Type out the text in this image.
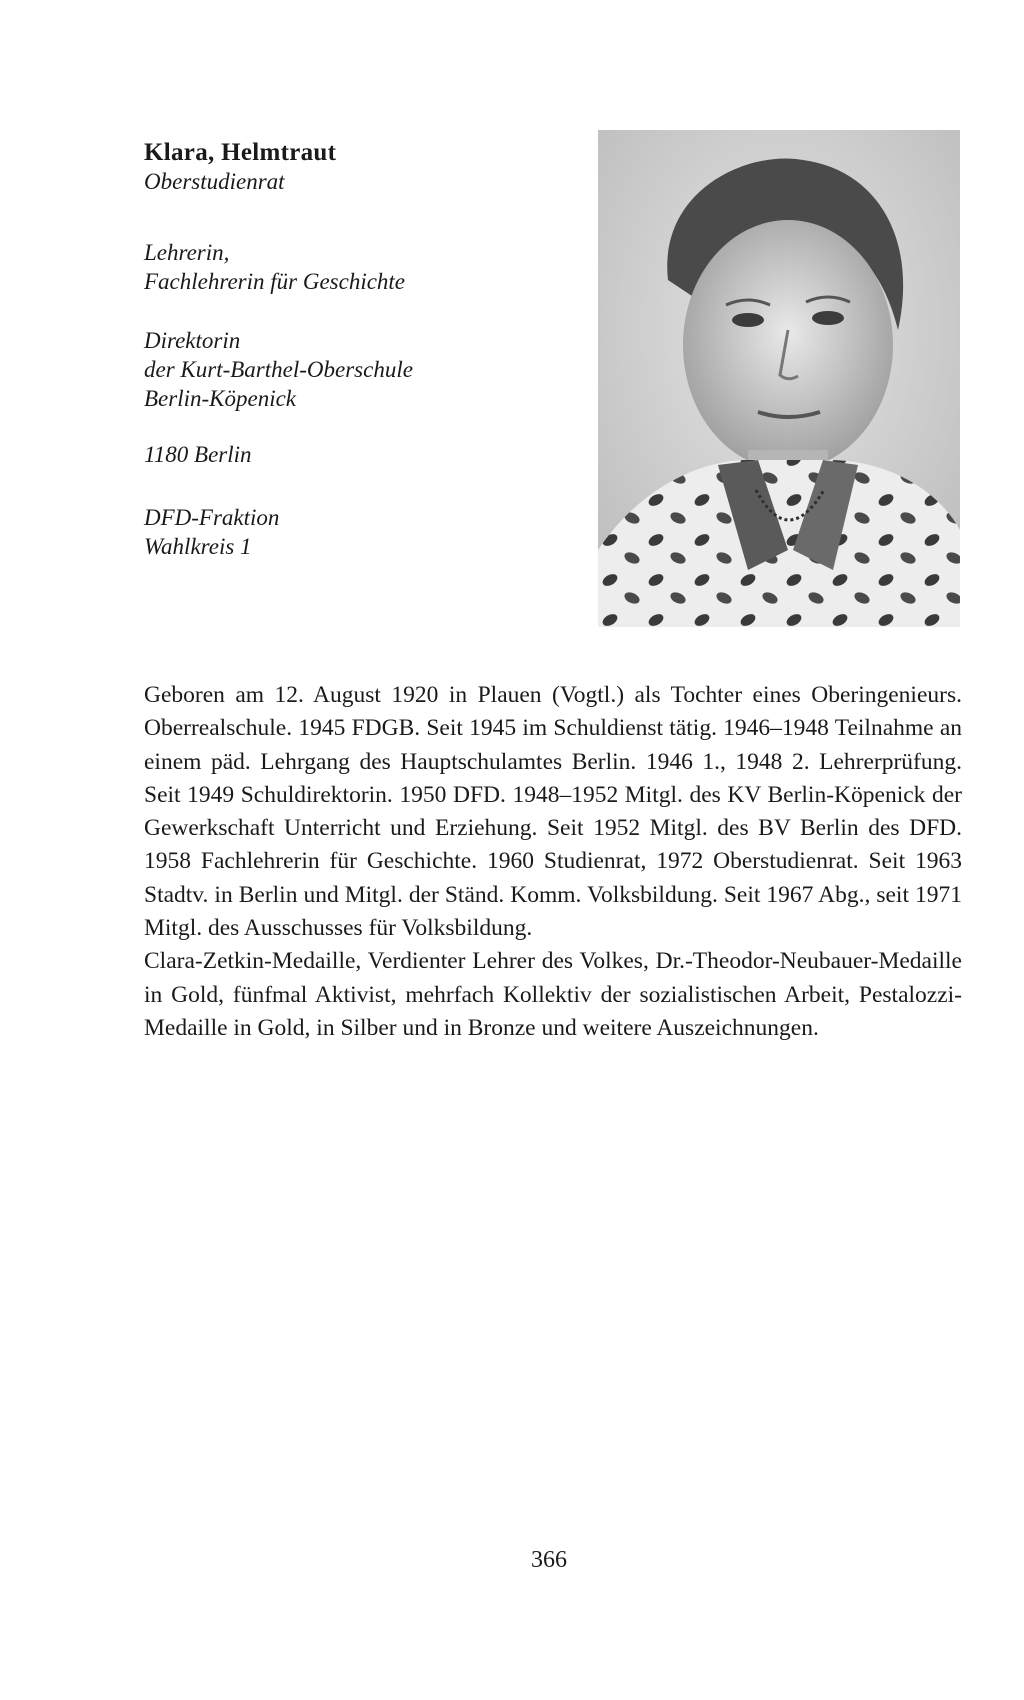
Klara, Helmtraut
Oberstudienrat
Lehrerin,
Fachlehrerin für Geschichte
Direktorin
der Kurt-Barthel-Oberschule
Berlin-Köpenick
1180 Berlin
DFD-Fraktion
Wahlkreis 1

Geboren am 12. August 1920 in Plauen (Vogtl.) als Tochter eines Oberingenieurs. Oberrealschule. 1945 FDGB. Seit 1945 im Schuldienst tätig. 1946–1948 Teilnahme an einem päd. Lehrgang des Hauptschulamtes Berlin. 1946 1., 1948 2. Lehrerprüfung. Seit 1949 Schuldirektorin. 1950 DFD. 1948–1952 Mitgl. des KV Berlin-Köpenick der Gewerkschaft Unterricht und Erziehung. Seit 1952 Mitgl. des BV Berlin des DFD. 1958 Fachlehrerin für Geschichte. 1960 Studienrat, 1972 Oberstudienrat. Seit 1963 Stadtv. in Berlin und Mitgl. der Ständ. Komm. Volksbildung. Seit 1967 Abg., seit 1971 Mitgl. des Ausschusses für Volksbildung.

Clara-Zetkin-Medaille, Verdienter Lehrer des Volkes, Dr.-Theodor-Neubauer-Medaille in Gold, fünfmal Aktivist, mehrfach Kollektiv der sozialistischen Arbeit, Pestalozzi-Medaille in Gold, in Silber und in Bronze und weitere Auszeichnungen.

366
